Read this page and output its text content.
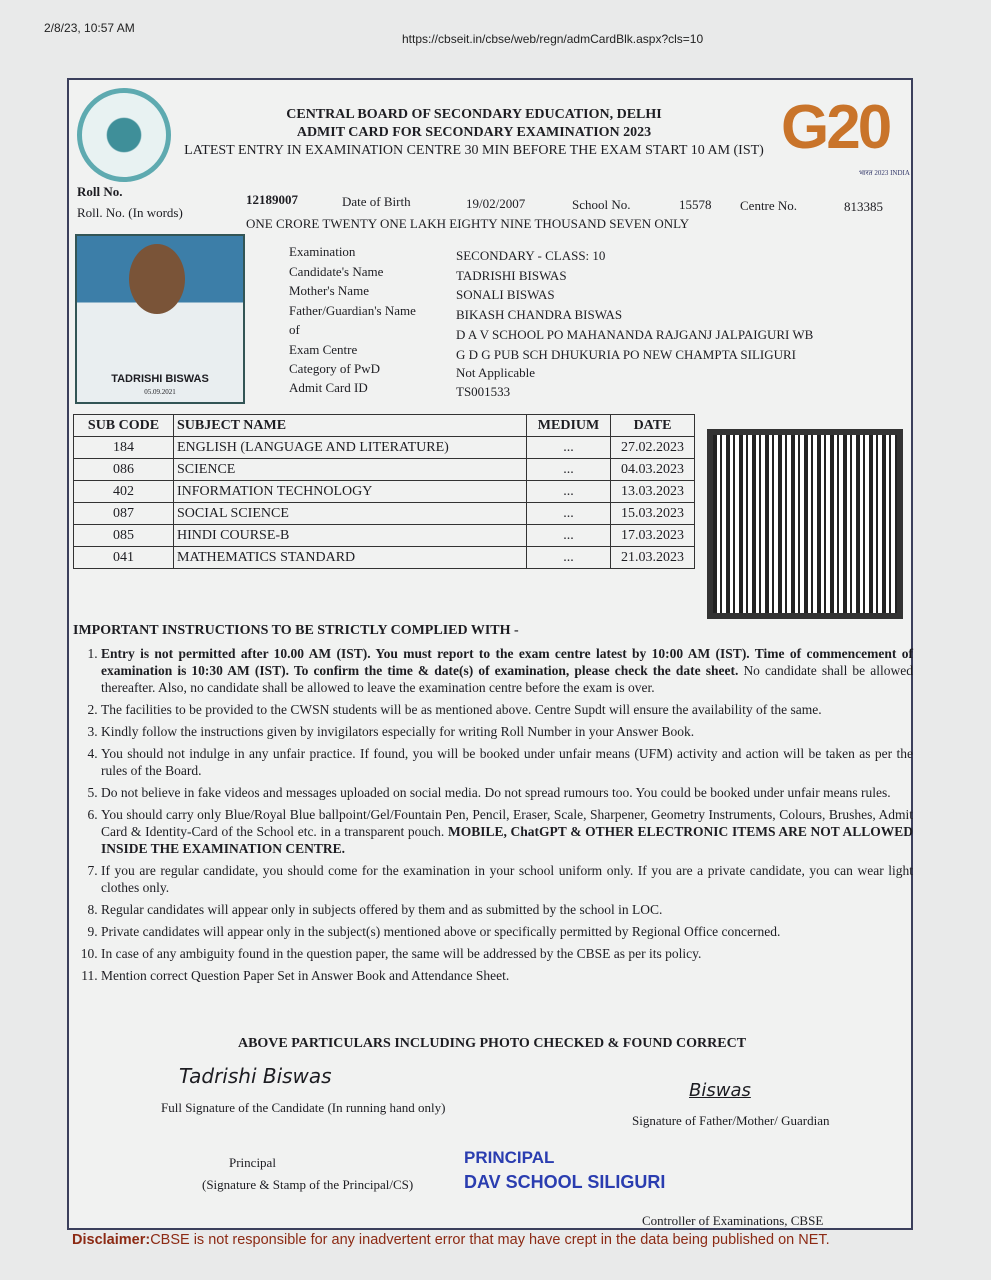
2/8/23, 10:57 AM
https://cbseit.in/cbse/web/regn/admCardBlk.aspx?cls=10
CENTRAL BOARD OF SECONDARY EDUCATION, DELHI
ADMIT CARD FOR SECONDARY EXAMINATION 2023
LATEST ENTRY IN EXAMINATION CENTRE 30 MIN BEFORE THE EXAM START 10 AM (IST) G20
भारत 2023 INDIA
Roll No.
12189007	Date of Birth	19/02/2007	School No.	15578 Centre No.	813385
Roll. No. (In words)
ONE CRORE TWENTY ONE LAKH EIGHTY NINE THOUSAND SEVEN ONLY
TADRISHI BISWAS
05.09.2021
Examination	SECONDARY - CLASS: 10
Candidate's Name	TADRISHI BISWAS
Mother's Name	SONALI BISWAS
Father/Guardian's Name	BIKASH CHANDRA BISWAS
of	D A V SCHOOL PO MAHANANDA RAJGANJ JALPAIGURI WB
Exam Centre	G D G PUB SCH DHUKURIA PO NEW CHAMPTA SILIGURI
Category of PwD	Not Applicable
Admit Card ID	TS001533
SUB CODE	SUBJECT NAME	MEDIUM	DATE
184	ENGLISH (LANGUAGE AND LITERATURE)	...	27.02.2023
086	SCIENCE	...	04.03.2023
402	INFORMATION TECHNOLOGY	...	13.03.2023
087	SOCIAL SCIENCE	...	15.03.2023
085	HINDI COURSE-B	...	17.03.2023
041	MATHEMATICS STANDARD	...	21.03.2023
IMPORTANT INSTRUCTIONS TO BE STRICTLY COMPLIED WITH -
1. Entry is not permitted after 10.00 AM (IST). You must report to the exam centre latest by 10:00 AM (IST). Time of commencement of examination is 10:30 AM (IST). To confirm the time & date(s) of examination, please check the date sheet. No candidate shall be allowed thereafter. Also, no candidate shall be allowed to leave the examination centre before the exam is over.
2. The facilities to be provided to the CWSN students will be as mentioned above. Centre Supdt will ensure the availability of the same.
3. Kindly follow the instructions given by invigilators especially for writing Roll Number in your Answer Book.
4. You should not indulge in any unfair practice. If found, you will be booked under unfair means (UFM) activity and action will be taken as per the rules of the Board.
5. Do not believe in fake videos and messages uploaded on social media. Do not spread rumours too. You could be booked under unfair means rules.
6. You should carry only Blue/Royal Blue ballpoint/Gel/Fountain Pen, Pencil, Eraser, Scale, Sharpener, Geometry Instruments, Colours, Brushes, Admit Card & Identity-Card of the School etc. in a transparent pouch. MOBILE, ChatGPT & OTHER ELECTRONIC ITEMS ARE NOT ALLOWED INSIDE THE EXAMINATION CENTRE.
7. If you are regular candidate, you should come for the examination in your school uniform only. If you are a private candidate, you can wear light clothes only.
8. Regular candidates will appear only in subjects offered by them and as submitted by the school in LOC.
9. Private candidates will appear only in the subject(s) mentioned above or specifically permitted by Regional Office concerned.
10. In case of any ambiguity found in the question paper, the same will be addressed by the CBSE as per its policy.
11. Mention correct Question Paper Set in Answer Book and Attendance Sheet.
ABOVE PARTICULARS INCLUDING PHOTO CHECKED & FOUND CORRECT
Tadrishi Biswas
Full Signature of the Candidate (In running hand only)
Biswas
Signature of Father/Mother/ Guardian
Principal
(Signature & Stamp of the Principal/CS)
PRINCIPAL
DAV SCHOOL SILIGURI
Controller of Examinations, CBSE
Disclaimer:CBSE is not responsible for any inadvertent error that may have crept in the data being published on NET.
